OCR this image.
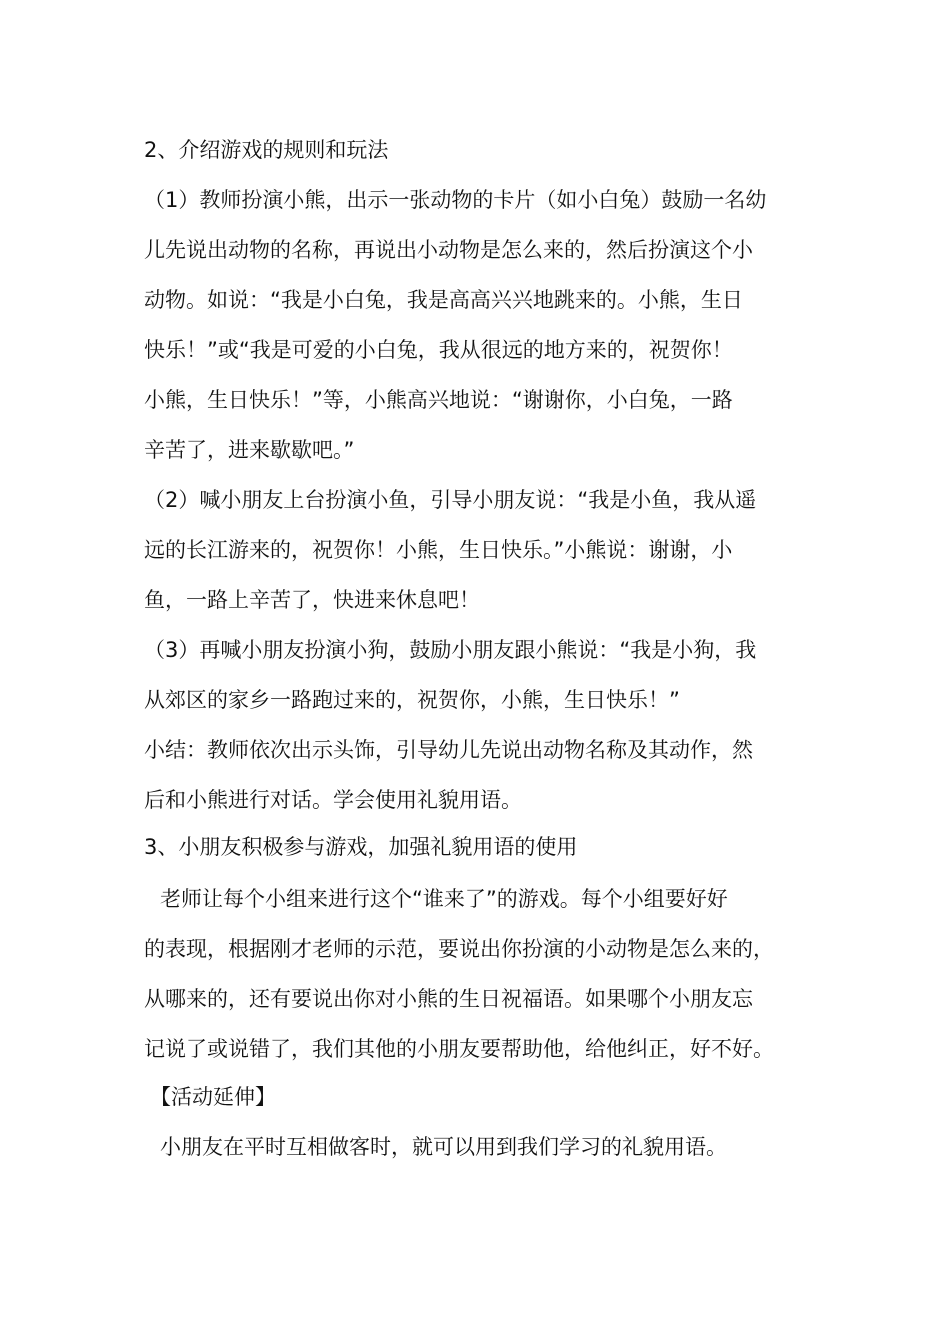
2、介绍游戏的规则和玩法
（1）教师扮演小熊，出示一张动物的卡片（如小白兔）鼓励一名幼
儿先说出动物的名称，再说出小动物是怎么来的，然后扮演这个小
动物。如说：“我是小白兔，我是高高兴兴地跳来的。小熊，生日
快乐！”或“我是可爱的小白兔，我从很远的地方来的，祝贺你！
小熊，生日快乐！”等，小熊高兴地说：“谢谢你，小白兔，一路
辛苦了，进来歇歇吧。”
（2）喊小朋友上台扮演小鱼，引导小朋友说：“我是小鱼，我从遥
远的长江游来的，祝贺你！小熊，生日快乐。”小熊说：谢谢，小
鱼，一路上辛苦了，快进来休息吧！
（3）再喊小朋友扮演小狗，鼓励小朋友跟小熊说：“我是小狗，我
从郊区的家乡一路跑过来的，祝贺你，小熊，生日快乐！”
小结：教师依次出示头饰，引导幼儿先说出动物名称及其动作，然
后和小熊进行对话。学会使用礼貌用语。
3、小朋友积极参与游戏，加强礼貌用语的使用
老师让每个小组来进行这个“谁来了”的游戏。每个小组要好好
的表现，根据刚才老师的示范，要说出你扮演的小动物是怎么来的，
从哪来的，还有要说出你对小熊的生日祝福语。如果哪个小朋友忘
记说了或说错了，我们其他的小朋友要帮助他，给他纠正，好不好。
【活动延伸】
小朋友在平时互相做客时，就可以用到我们学习的礼貌用语。
